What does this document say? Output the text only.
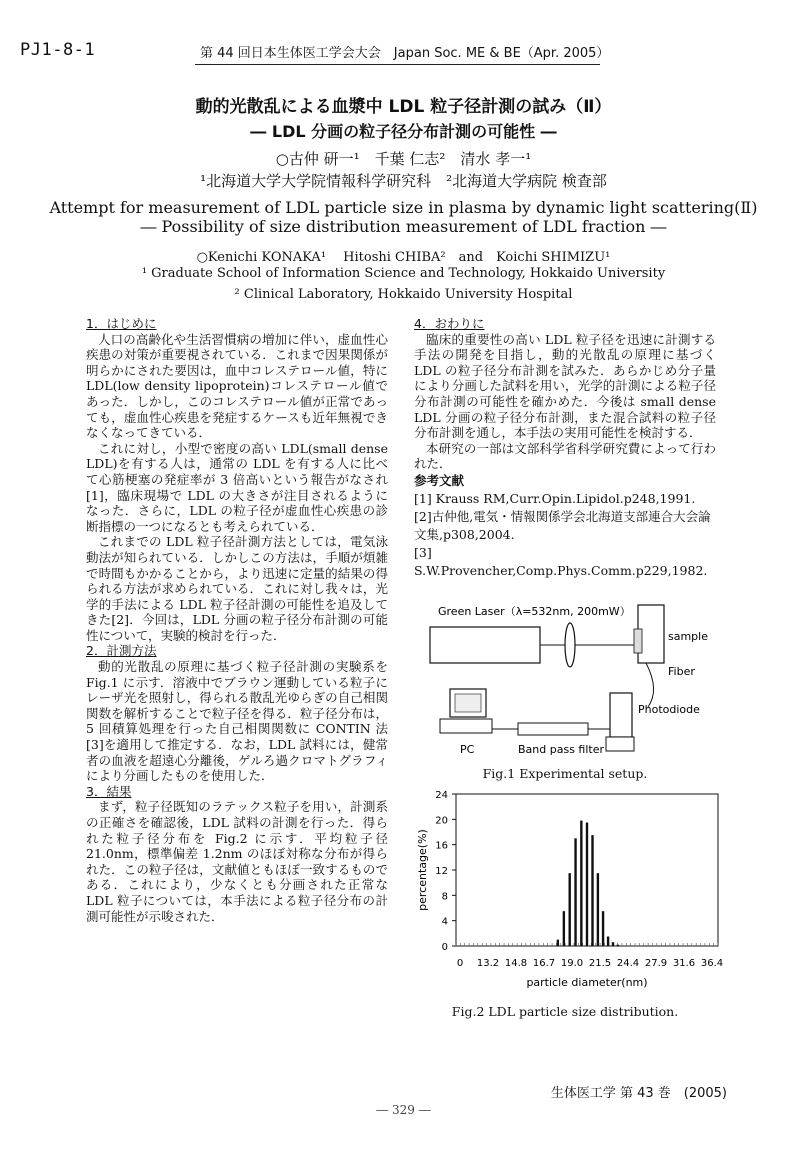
PJ1-8-1	第 44 回日本生体医工学会大会　Japan Soc. ME & BE（Apr. 2005）
動的光散乱による血漿中 LDL 粒子径計測の試み（Ⅱ）
― LDL 分画の粒子径分布計測の可能性 ―
○古仲 研一¹　千葉 仁志²　清水 孝一¹
¹北海道大学大学院情報科学研究科　²北海道大学病院 検査部
Attempt for measurement of LDL particle size in plasma by dynamic light scattering(Ⅱ)
― Possibility of size distribution measurement of LDL fraction ―
○Kenichi KONAKA¹　 Hitoshi CHIBA²　and　Koichi SHIMIZU¹
¹ Graduate School of Information Science and Technology, Hokkaido University
² Clinical Laboratory, Hokkaido University Hospital
1．はじめに

人口の高齢化や生活習慣病の増加に伴い，虚血性心疾患の対策が重要視されている．これまで因果関係が明らかにされた要因は，血中コレステロール値，特に LDL(low density lipoprotein)コレステロール値であった．しかし，このコレステロール値が正常であっても，虚血性心疾患を発症するケースも近年無視できなくなってきている．

これに対し，小型で密度の高い LDL(small dense LDL)を有する人は，通常の LDL を有する人に比べて心筋梗塞の発症率が 3 倍高いという報告がなされ[1]，臨床現場で LDL の大きさが注目されるようになった．さらに，LDL の粒子径が虚血性心疾患の診断指標の一つになるとも考えられている．

これまでの LDL 粒子径計測方法としては，電気泳動法が知られている．しかしこの方法は，手順が煩雑で時間もかかることから，より迅速に定量的結果の得られる方法が求められている．これに対し我々は，光学的手法による LDL 粒子径計測の可能性を追及してきた[2]．今回は，LDL 分画の粒子径分布計測の可能性について，実験的検討を行った．

2．計測方法

動的光散乱の原理に基づく粒子径計測の実験系を Fig.1 に示す．溶液中でブラウン運動している粒子にレーザ光を照射し，得られる散乱光ゆらぎの自己相関関数を解析することで粒子径を得る．粒子径分布は，5 回積算処理を行った自己相関関数に CONTIN 法[3]を適用して推定する．なお，LDL 試料には，健常者の血液を超遠心分離後，ゲルろ過クロマトグラフィにより分画したものを使用した．

3．結果

まず，粒子径既知のラテックス粒子を用い，計測系の正確さを確認後，LDL 試料の計測を行った．得られた粒子径分布を Fig.2 に示す．平均粒子径 21.0nm，標準偏差 1.2nm のほぼ対称な分布が得られた．この粒子径は，文献値ともほぼ一致するものである．これにより，少なくとも分画された正常な LDL 粒子については，本手法による粒子径分布の計測可能性が示唆された．

4．おわりに

臨床的重要性の高い LDL 粒子径を迅速に計測する手法の開発を目指し，動的光散乱の原理に基づく LDL の粒子径分布計測を試みた．あらかじめ分子量により分画した試料を用い，光学的計測による粒子径分布計測の可能性を確かめた．今後は small dense LDL 分画の粒子径分布計測，また混合試料の粒子径分布計測を通し，本手法の実用可能性を検討する．

本研究の一部は文部科学省科学研究費によって行われた．

参考文献
[1] Krauss RM,Curr.Opin.Lipidol.p248,1991.
[2]古仲他,電気・情報関係学会北海道支部連合大会論文集,p308,2004.
[3] S.W.Provencher,Comp.Phys.Comm.p229,1982.
Green Laser（λ=532nm, 200mW）
sample
Fiber
Photodiode
Band pass filter
PC
Fig.1 Experimental setup.
0
4
8
12
16
20
24
0 13.2 14.8 16.7 19.0 21.5 24.4 27.9 31.6 36.4
percentage(%)
particle diameter(nm)
Fig.2 LDL particle size distribution.
生体医工学 第 43 巻　(2005)
― 329 ―
